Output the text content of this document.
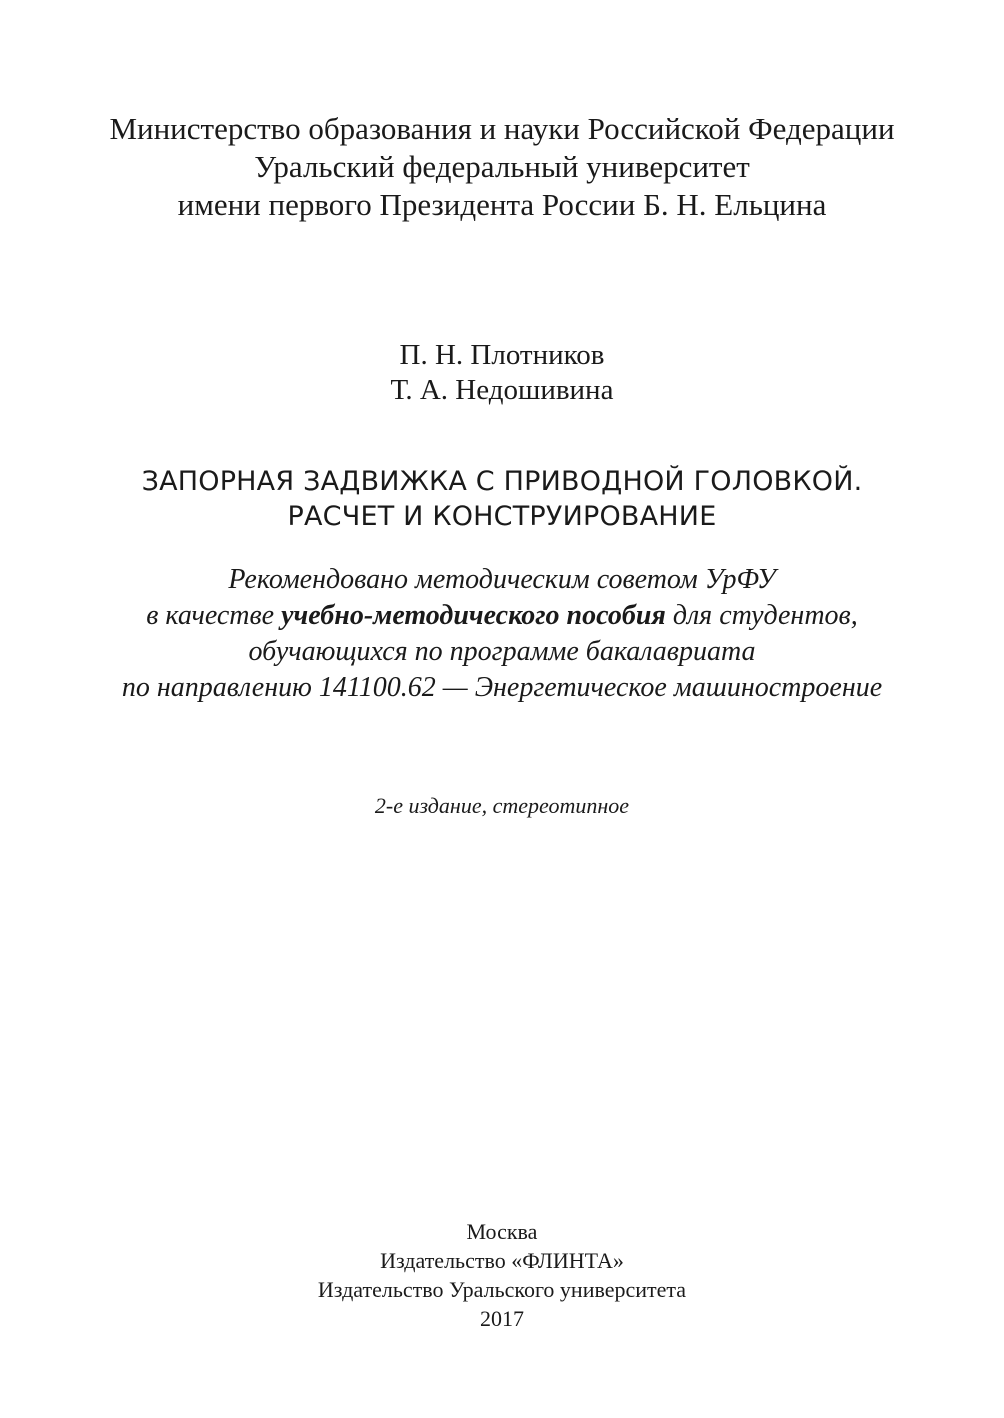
Министерство образования и науки Российской Федерации
Уральский федеральный университет
имени первого Президента России Б. Н. Ельцина
П. Н. Плотников
Т. А. Недошивина
ЗАПОРНАЯ ЗАДВИЖКА С ПРИВОДНОЙ ГОЛОВКОЙ.
РАСЧЕТ И КОНСТРУИРОВАНИЕ
Рекомендовано методическим советом УрФУ
в качестве учебно-методического пособия для студентов,
обучающихся по программе бакалавриата
по направлению 141100.62 — Энергетическое машиностроение
2-е издание, стереотипное
Москва
Издательство «ФЛИНТА»
Издательство Уральского университета
2017
